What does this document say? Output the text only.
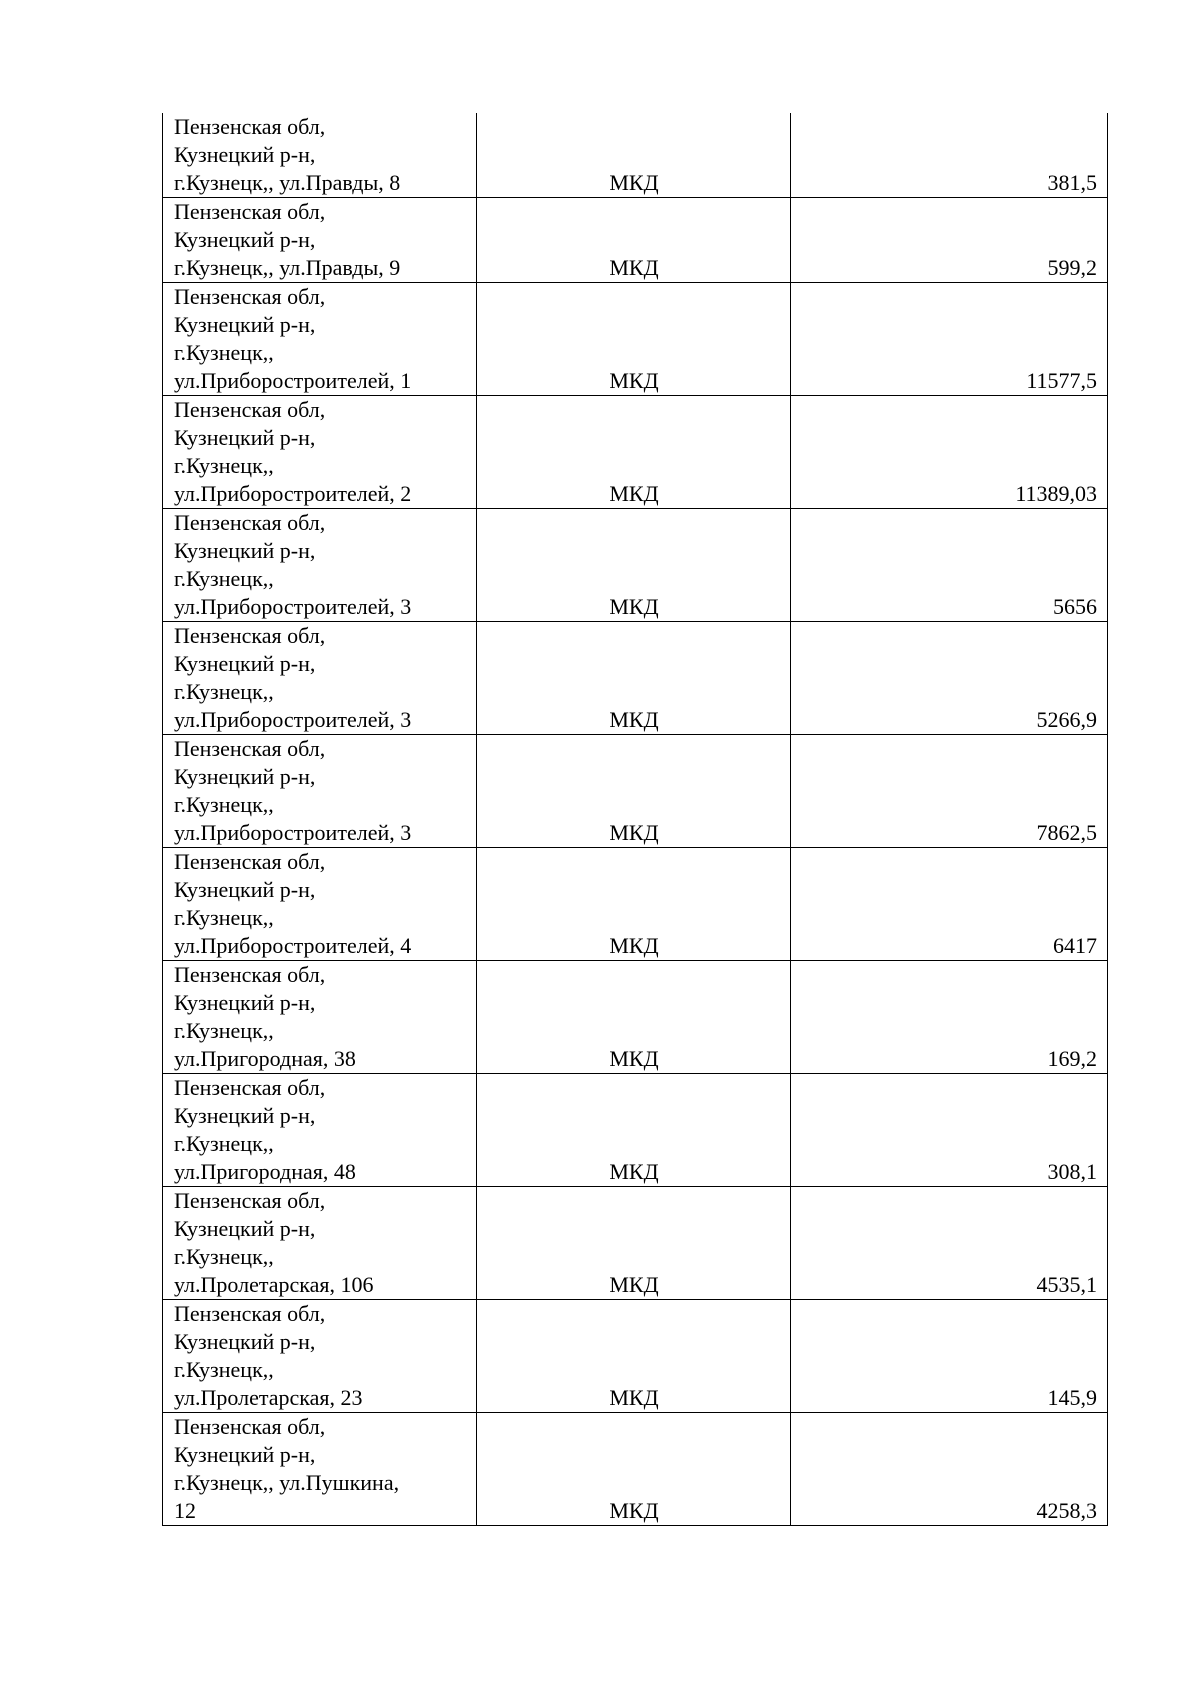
Пензенская обл,
Кузнецкий р-н,
г.Кузнецк,, ул.Правды, 8	МКД	381,5

Пензенская обл,
Кузнецкий р-н,
г.Кузнецк,, ул.Правды, 9	МКД	599,2

Пензенская обл,
Кузнецкий р-н,
г.Кузнецк,,
ул.Приборостроителей, 1	МКД	11577,5

Пензенская обл,
Кузнецкий р-н,
г.Кузнецк,,
ул.Приборостроителей, 2	МКД	11389,03

Пензенская обл,
Кузнецкий р-н,
г.Кузнецк,,
ул.Приборостроителей, 3	МКД	5656

Пензенская обл,
Кузнецкий р-н,
г.Кузнецк,,
ул.Приборостроителей, 3	МКД	5266,9

Пензенская обл,
Кузнецкий р-н,
г.Кузнецк,,
ул.Приборостроителей, 3	МКД	7862,5

Пензенская обл,
Кузнецкий р-н,
г.Кузнецк,,
ул.Приборостроителей, 4	МКД	6417

Пензенская обл,
Кузнецкий р-н,
г.Кузнецк,,
ул.Пригородная, 38	МКД	169,2

Пензенская обл,
Кузнецкий р-н,
г.Кузнецк,,
ул.Пригородная, 48	МКД	308,1

Пензенская обл,
Кузнецкий р-н,
г.Кузнецк,,
ул.Пролетарская, 106	МКД	4535,1

Пензенская обл,
Кузнецкий р-н,
г.Кузнецк,,
ул.Пролетарская, 23	МКД	145,9

Пензенская обл,
Кузнецкий р-н,
г.Кузнецк,, ул.Пушкина,
12	МКД	4258,3
